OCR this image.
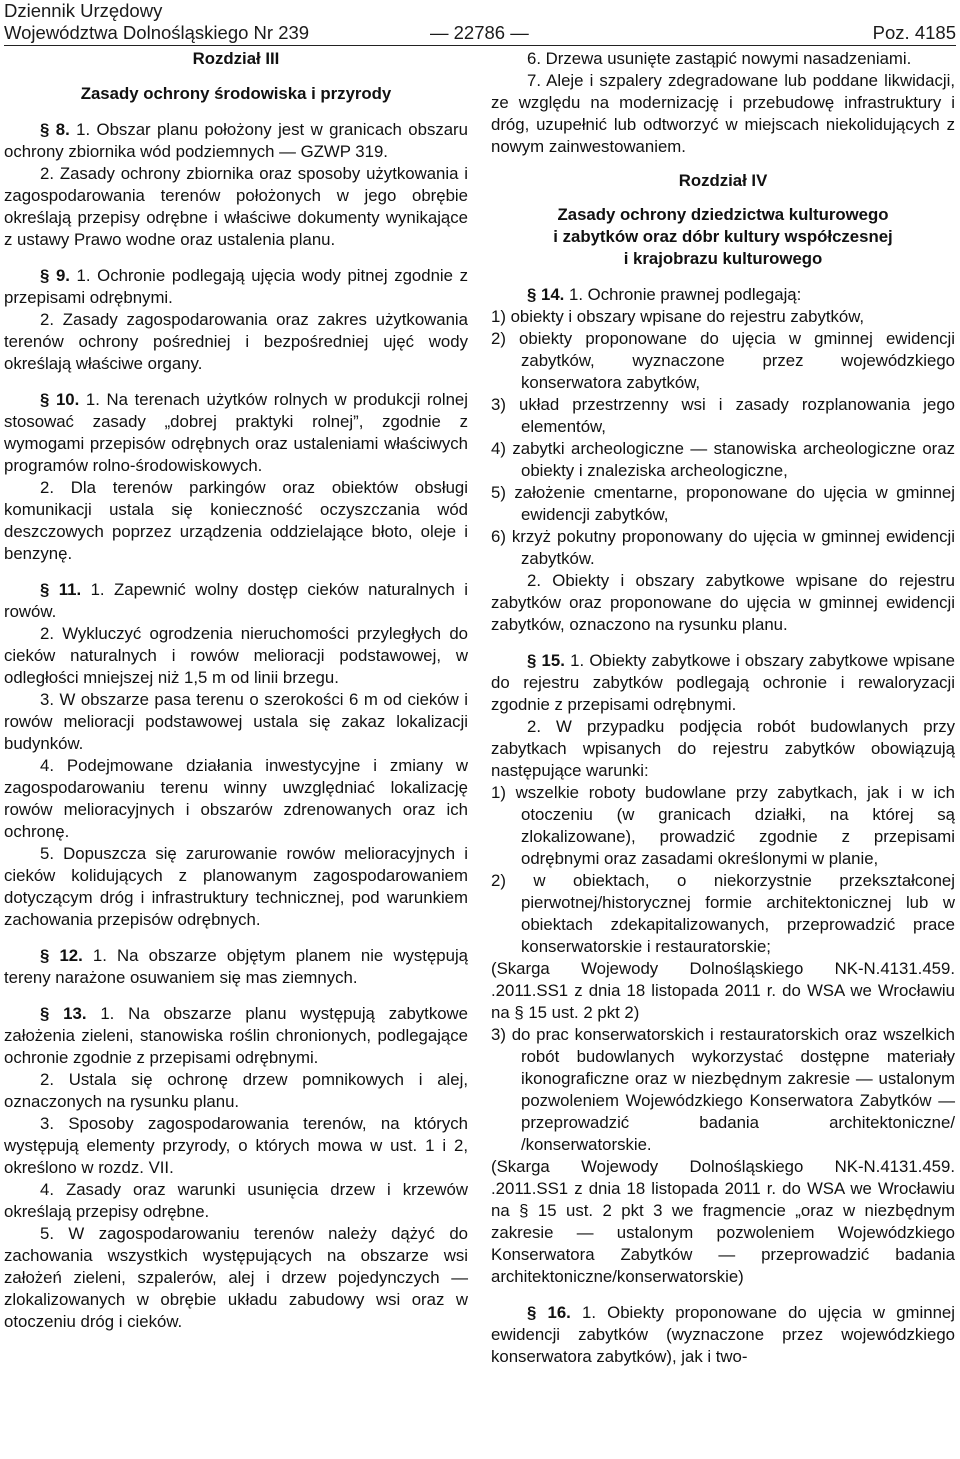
Dziennik Urzędowy
Województwa Dolnośląskiego Nr 239	— 22786 —	Poz. 4185

Rozdział III

Zasady ochrony środowiska i przyrody

§ 8. 1. Obszar planu położony jest w granicach obszaru ochrony zbiornika wód podziemnych — GZWP 319.

2. Zasady ochrony zbiornika oraz sposoby użytkowania i zagospodarowania terenów położonych w jego obrębie określają przepisy odrębne i właściwe dokumenty wynikające z ustawy Prawo wodne oraz ustalenia planu.

§ 9. 1. Ochronie podlegają ujęcia wody pitnej zgodnie z przepisami odrębnymi.

2. Zasady zagospodarowania oraz zakres użytkowania terenów ochrony pośredniej i bezpośredniej ujęć wody określają właściwe organy.

§ 10. 1. Na terenach użytków rolnych w produkcji rolnej stosować zasady „dobrej praktyki rolnej”, zgodnie z wymogami przepisów odrębnych oraz ustaleniami właściwych programów rolno-środowiskowych.

2. Dla terenów parkingów oraz obiektów obsługi komunikacji ustala się konieczność oczyszczania wód deszczowych poprzez urządzenia oddzielające błoto, oleje i benzynę.

§ 11. 1. Zapewnić wolny dostęp cieków naturalnych i rowów.

2. Wykluczyć ogrodzenia nieruchomości przyległych do cieków naturalnych i rowów melioracji podstawowej, w odległości mniejszej niż 1,5 m od linii brzegu.

3. W obszarze pasa terenu o szerokości 6 m od cieków i rowów melioracji podstawowej ustala się zakaz lokalizacji budynków.

4. Podejmowane działania inwestycyjne i zmiany w zagospodarowaniu terenu winny uwzględniać lokalizację rowów melioracyjnych i obszarów zdrenowanych oraz ich ochronę.

5. Dopuszcza się zarurowanie rowów melioracyjnych i cieków kolidujących z planowanym zagospodarowaniem dotyczącym dróg i infrastruktury technicznej, pod warunkiem zachowania przepisów odrębnych.

§ 12. 1. Na obszarze objętym planem nie występują tereny narażone osuwaniem się mas ziemnych.

§ 13. 1. Na obszarze planu występują zabytkowe założenia zieleni, stanowiska roślin chronionych, podlegające ochronie zgodnie z przepisami odrębnymi.

2. Ustala się ochronę drzew pomnikowych i alej, oznaczonych na rysunku planu.

3. Sposoby zagospodarowania terenów, na których występują elementy przyrody, o których mowa w ust. 1 i 2, określono w rozdz. VII.

4. Zasady oraz warunki usunięcia drzew i krzewów określają przepisy odrębne.

5. W zagospodarowaniu terenów należy dążyć do zachowania wszystkich występujących na obszarze wsi założeń zieleni, szpalerów, alej i drzew pojedynczych — zlokalizowanych w obrębie układu zabudowy wsi oraz w otoczeniu dróg i cieków.

6. Drzewa usunięte zastąpić nowymi nasadzeniami.

7. Aleje i szpalery zdegradowane lub poddane likwidacji, ze względu na modernizację i przebudowę infrastruktury i dróg, uzupełnić lub odtworzyć w miejscach niekolidujących z nowym zainwestowaniem.

Rozdział IV

Zasady ochrony dziedzictwa kulturowego

i zabytków oraz dóbr kultury współczesnej

i krajobrazu kulturowego

§ 14. 1. Ochronie prawnej podlegają:

1) obiekty i obszary wpisane do rejestru zabytków,

2) obiekty proponowane do ujęcia w gminnej ewidencji zabytków, wyznaczone przez wojewódzkiego konserwatora zabytków,

3) układ przestrzenny wsi i zasady rozplanowania jego elementów,

4) zabytki archeologiczne — stanowiska archeologiczne oraz obiekty i znaleziska archeologiczne,

5) założenie cmentarne, proponowane do ujęcia w gminnej ewidencji zabytków,

6) krzyż pokutny proponowany do ujęcia w gminnej ewidencji zabytków.

2. Obiekty i obszary zabytkowe wpisane do rejestru zabytków oraz proponowane do ujęcia w gminnej ewidencji zabytków, oznaczono na rysunku planu.

§ 15. 1. Obiekty zabytkowe i obszary zabytkowe wpisane do rejestru zabytków podlegają ochronie i rewaloryzacji zgodnie z przepisami odrębnymi.

2. W przypadku podjęcia robót budowlanych przy zabytkach wpisanych do rejestru zabytków obowiązują następujące warunki:

1) wszelkie roboty budowlane przy zabytkach, jak i w ich otoczeniu (w granicach działki, na której są zlokalizowane), prowadzić zgodnie z przepisami odrębnymi oraz zasadami określonymi w planie,

2) w obiektach, o niekorzystnie przekształconej pierwotnej/historycznej formie architektonicznej lub w obiektach zdekapitalizowanych, przeprowadzić prace konserwatorskie i restauratorskie;

(Skarga Wojewody Dolnośląskiego NK-N.4131.459. .2011.SS1 z dnia 18 listopada 2011 r. do WSA we Wrocławiu na § 15 ust. 2 pkt 2)

3) do prac konserwatorskich i restauratorskich oraz wszelkich robót budowlanych wykorzystać dostępne materiały ikonograficzne oraz w niezbędnym zakresie — ustalonym pozwoleniem Wojewódzkiego Konserwatora Zabytków — przeprowadzić badania architektoniczne/ /konserwatorskie.

(Skarga Wojewody Dolnośląskiego NK-N.4131.459. .2011.SS1 z dnia 18 listopada 2011 r. do WSA we Wrocławiu na § 15 ust. 2 pkt 3 we fragmencie „oraz w niezbędnym zakresie — ustalonym pozwoleniem Wojewódzkiego Konserwatora Zabytków — przeprowadzić badania architektoniczne/konserwatorskie)

§ 16. 1. Obiekty proponowane do ujęcia w gminnej ewidencji zabytków (wyznaczone przez wojewódzkiego konserwatora zabytków), jak i two-
